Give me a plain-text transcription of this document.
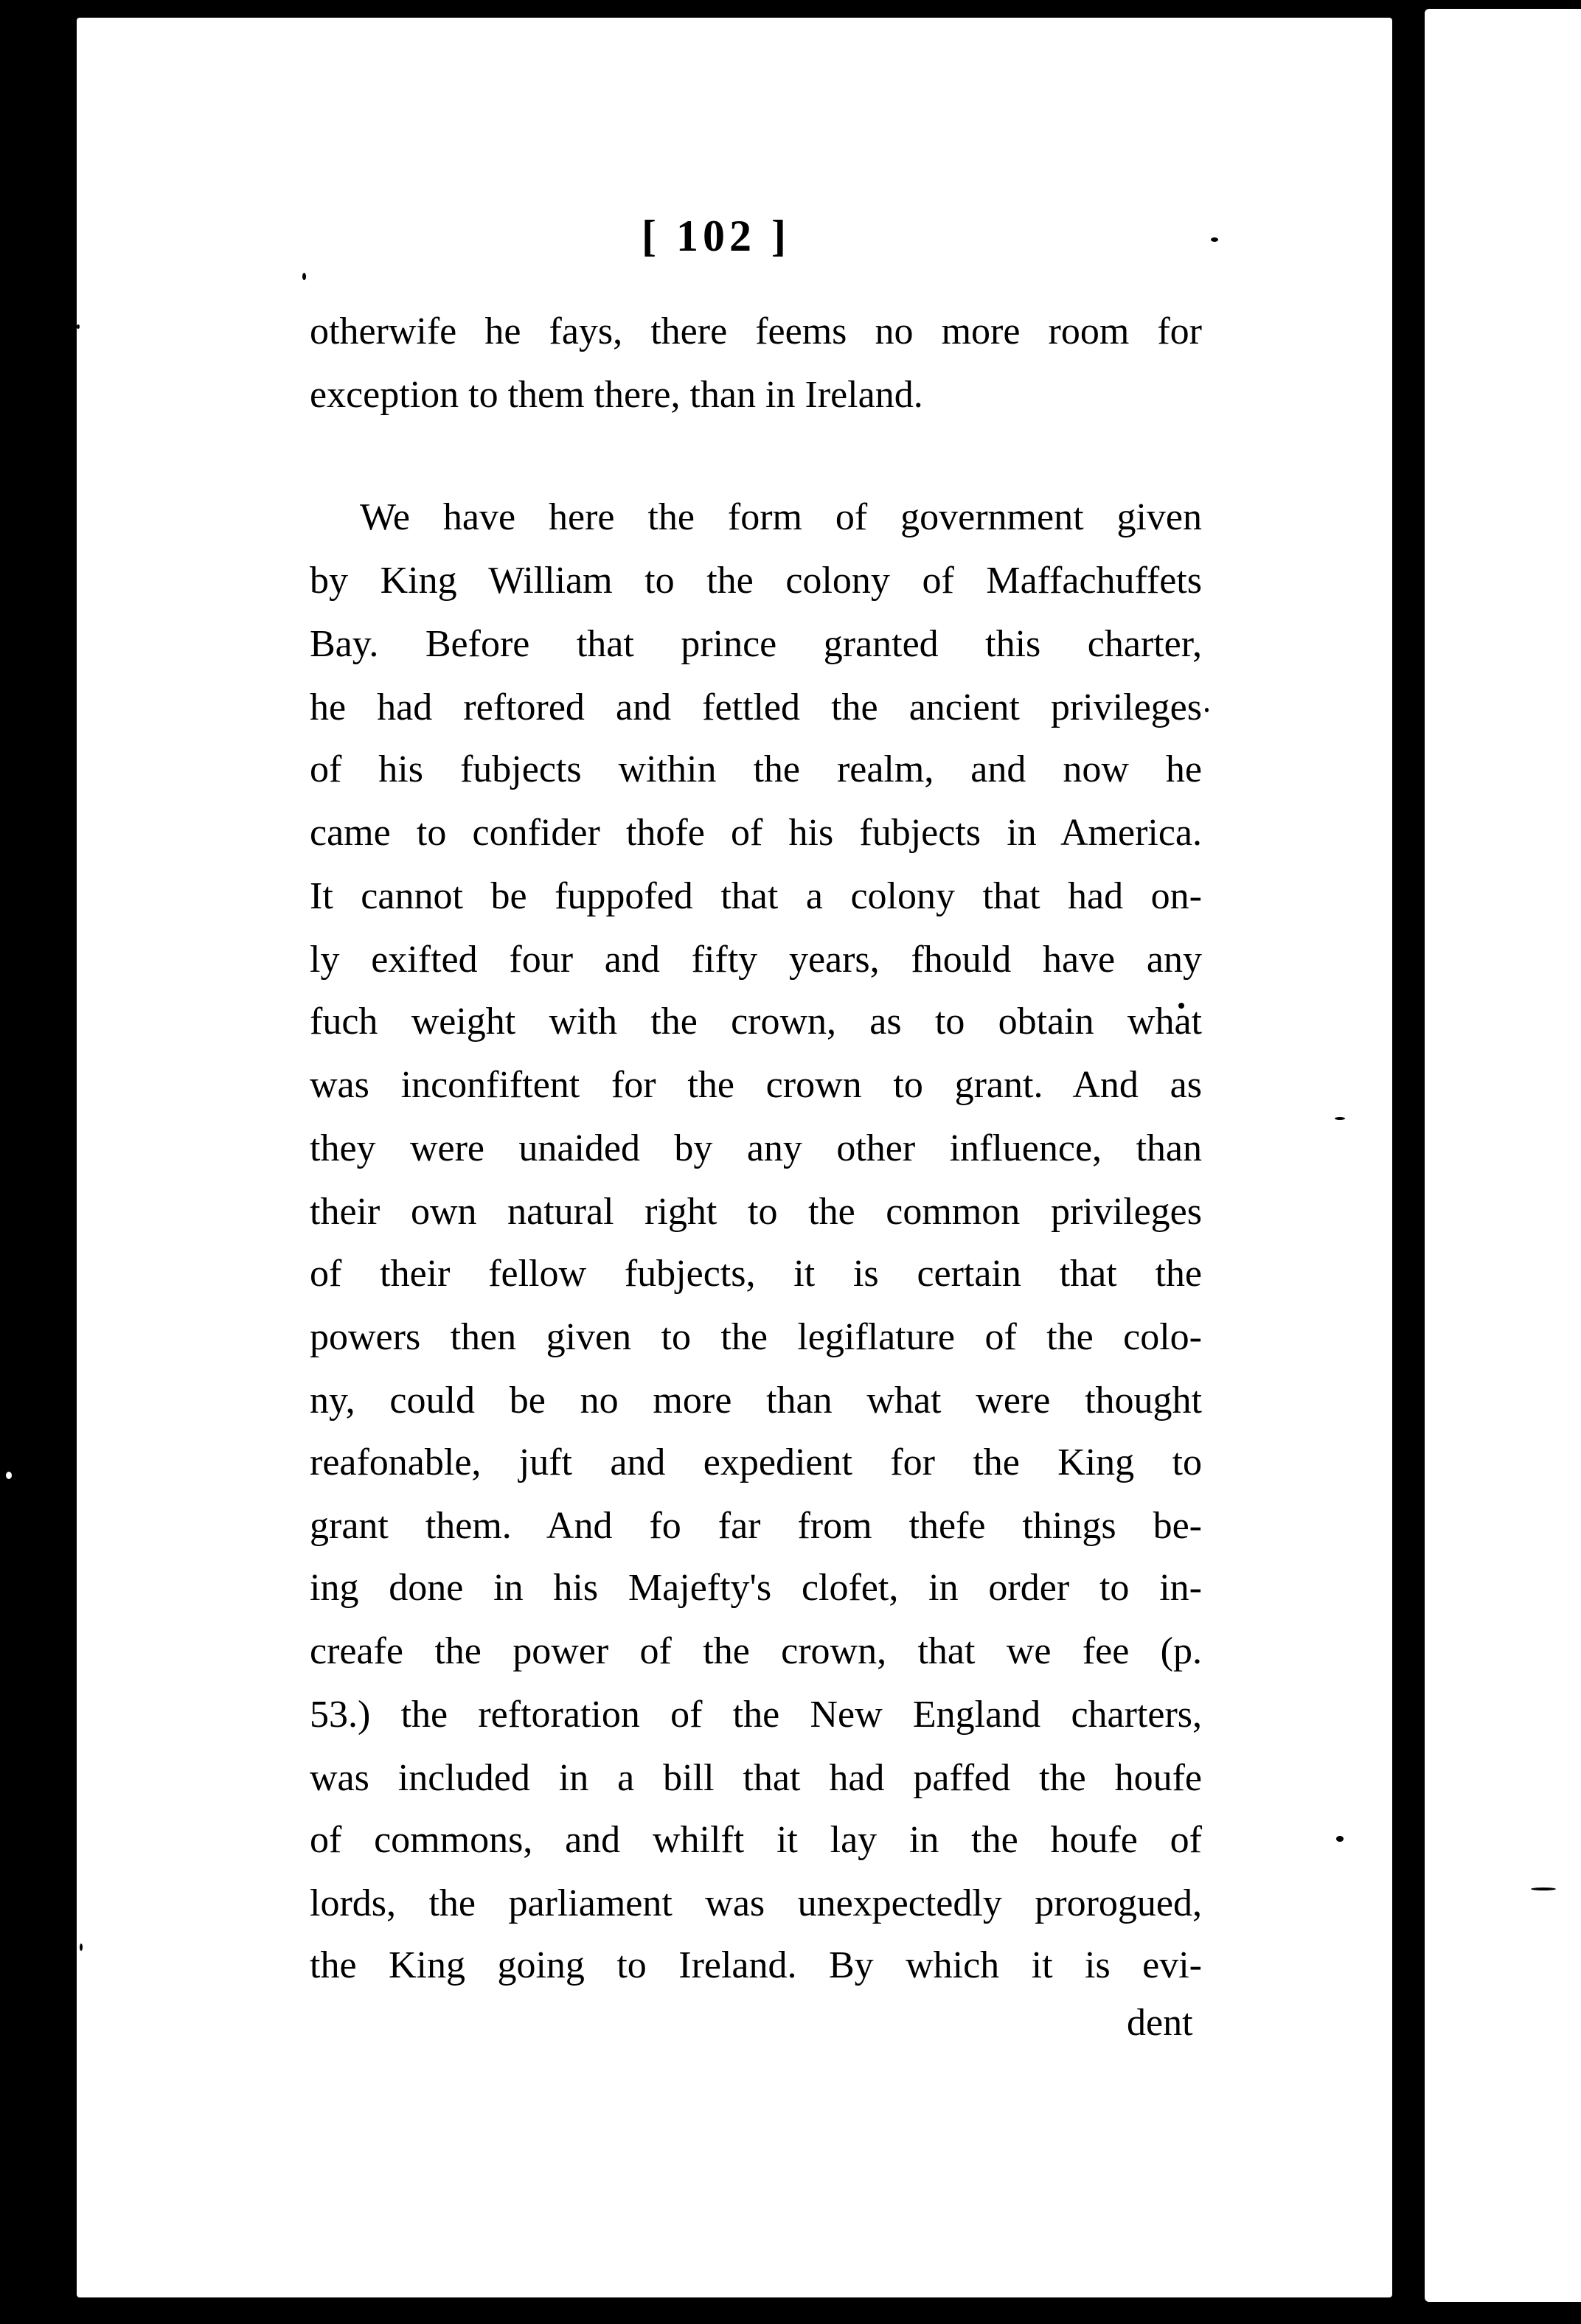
[ 102 ]
otherwife he fays, there feems no more room for
exception to them there, than in Ireland.
We have here the form of government given
by King William to the colony of Maffachuffets
Bay. Before that prince granted this charter,
he had reftored and fettled the ancient privileges
of his fubjects within the realm, and now he
came to confider thofe of his fubjects in America.
It cannot be fuppofed that a colony that had on-
ly exifted four and fifty years, fhould have any
fuch weight with the crown, as to obtain what
was inconfiftent for the crown to grant. And as
they were unaided by any other influence, than
their own natural right to the common privileges
of their fellow fubjects, it is certain that the
powers then given to the legiflature of the colo-
ny, could be no more than what were thought
reafonable, juft and expedient for the King to
grant them. And fo far from thefe things be-
ing done in his Majefty's clofet, in order to in-
creafe the power of the crown, that we fee (p.
53.) the reftoration of the New England charters,
was included in a bill that had paffed the houfe
of commons, and whilft it lay in the houfe of
lords, the parliament was unexpectedly prorogued,
the King going to Ireland. By which it is evi-
dent
